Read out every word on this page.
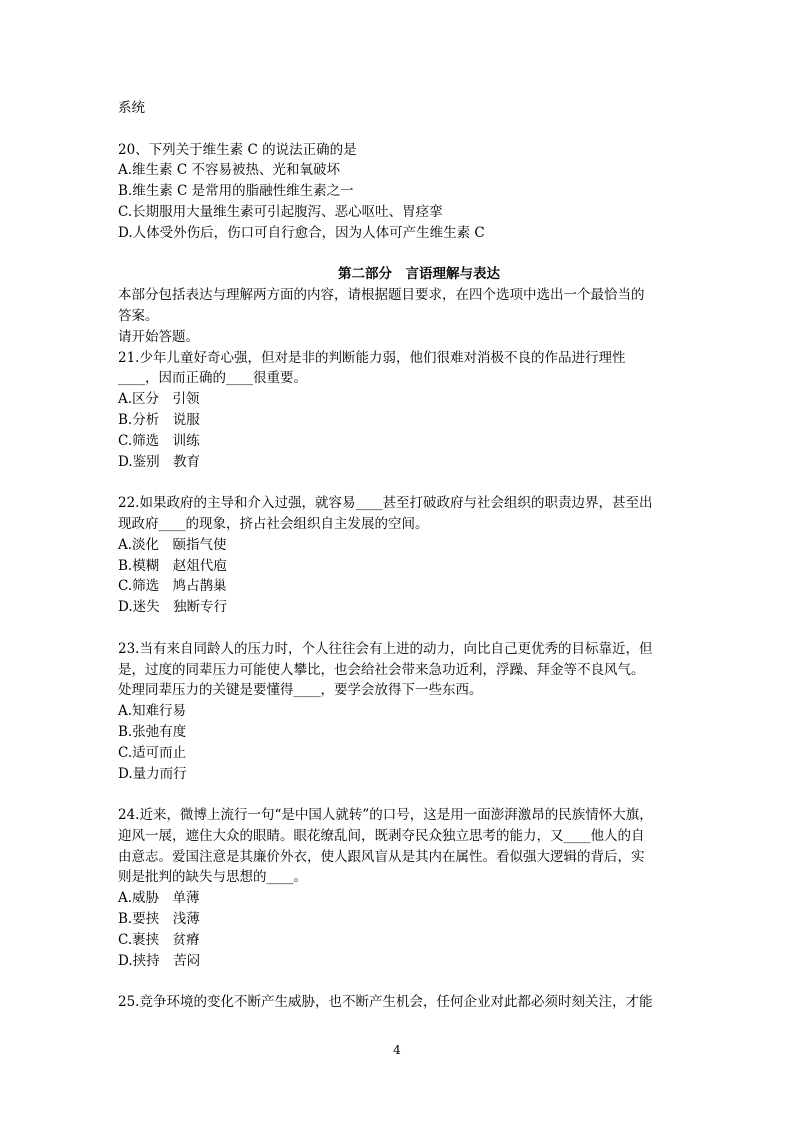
系统

20、下列关于维生素 C 的说法正确的是

A.维生素 C 不容易被热、光和氧破坏

B.维生素 C 是常用的脂融性维生素之一

C.长期服用大量维生素可引起腹泻、恶心呕吐、胃痉挛

D.人体受外伤后，伤口可自行愈合，因为人体可产生维生素 C

第二部分　言语理解与表达

本部分包括表达与理解两方面的内容，请根据题目要求，在四个选项中选出一个最恰当的

答案。

请开始答题。

21.少年儿童好奇心强，但对是非的判断能力弱，他们很难对消极不良的作品进行理性

____，因而正确的____很重要。

A.区分　引领

B.分析　说服

C.筛选　训练

D.鉴别　教育

22.如果政府的主导和介入过强，就容易____甚至打破政府与社会组织的职责边界，甚至出

现政府____的现象，挤占社会组织自主发展的空间。

A.淡化　颐指气使

B.模糊　赵俎代庖

C.筛选　鸠占鹊巢

D.迷失　独断专行

23.当有来自同龄人的压力时，个人往往会有上进的动力，向比自己更优秀的目标靠近，但

是，过度的同辈压力可能使人攀比，也会给社会带来急功近利，浮躁、拜金等不良风气。

处理同辈压力的关键是要懂得____，要学会放得下一些东西。

A.知难行易

B.张弛有度

C.适可而止

D.量力而行

24.近来，微博上流行一句“是中国人就转”的口号，这是用一面澎湃激昂的民族情怀大旗，

迎风一展，遮住大众的眼睛。眼花缭乱间，既剥夺民众独立思考的能力，又____他人的自

由意志。爱国注意是其廉价外衣，使人跟风盲从是其内在属性。看似强大逻辑的背后，实

则是批判的缺失与思想的____。

A.威胁　单薄

B.要挟　浅薄

C.裹挟　贫瘠

D.挟持　苦闷

25.竞争环境的变化不断产生威胁，也不断产生机会，任何企业对此都必须时刻关注，才能

4
